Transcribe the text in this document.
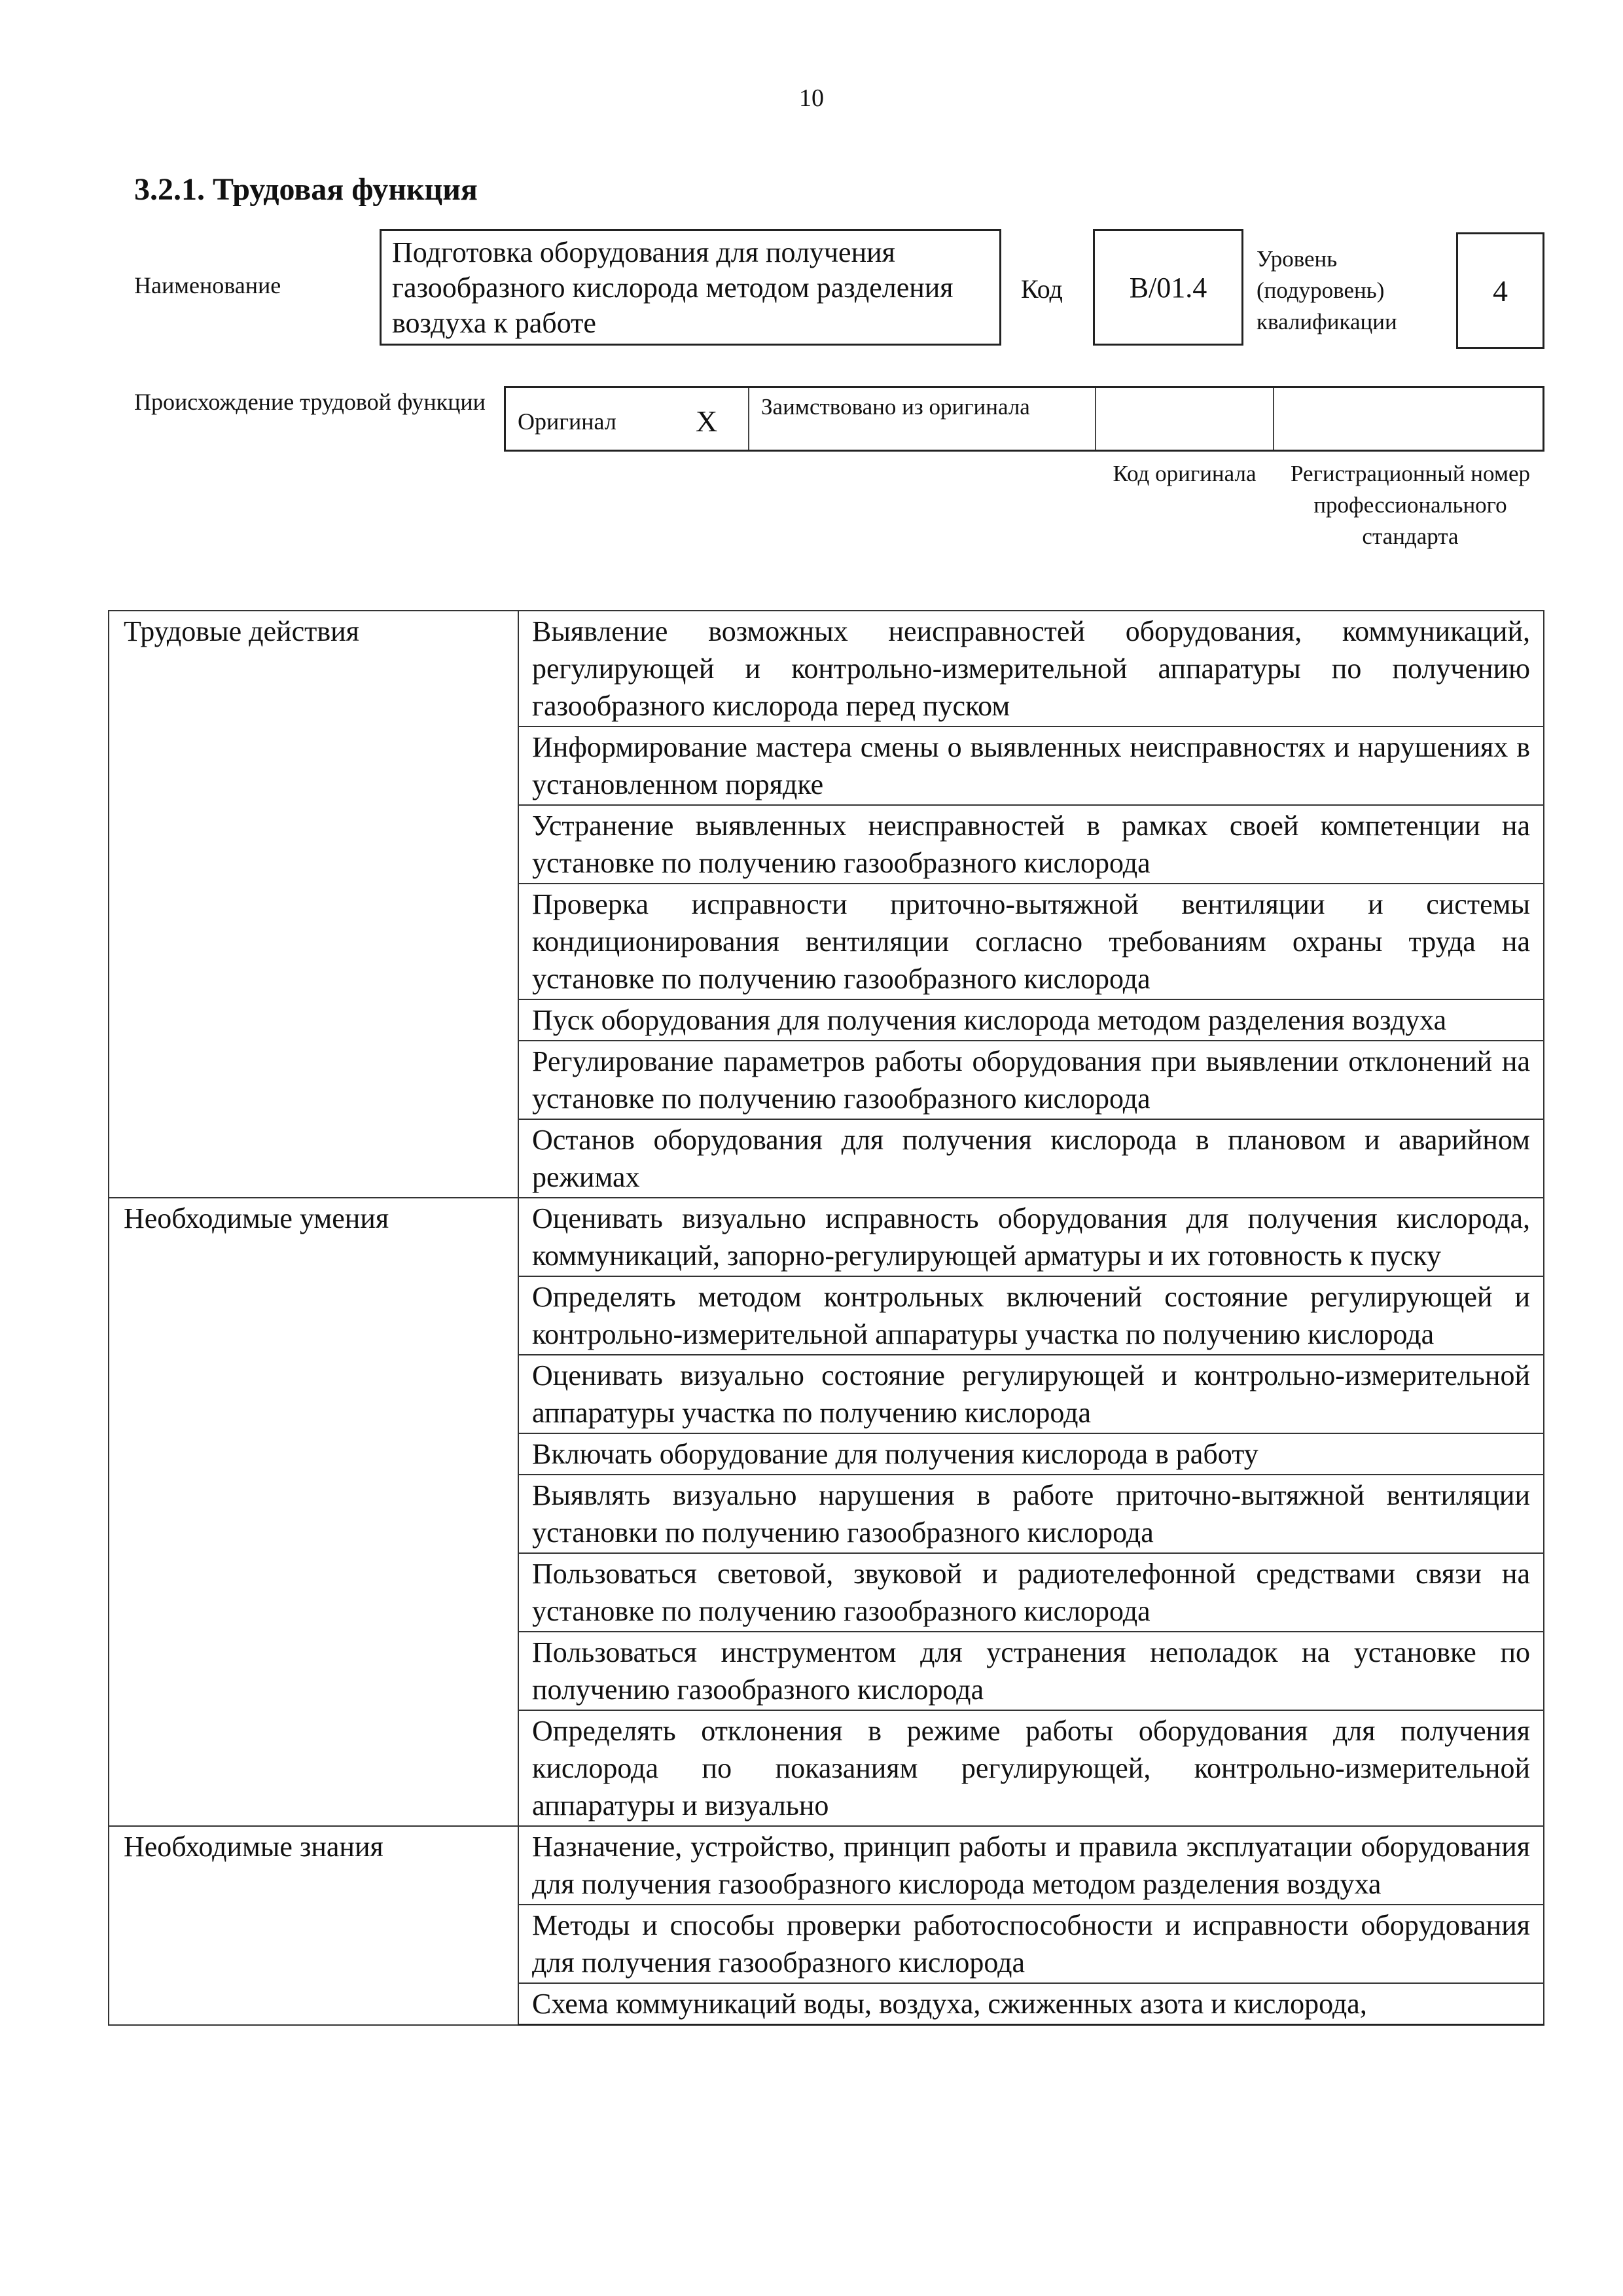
10
3.2.1. Трудовая функция
Наименование
Подготовка оборудования для получения газообразного кислорода методом разделения воздуха к работе
Код	B/01.4
Уровень (подуровень) квалификации
4
Происхождение трудовой функции
Оригинал	X	Заимствовано из оригинала
Код оригинала	Регистрационный номер профессионального стандарта
Трудовые действия	Выявление возможных неисправностей оборудования, коммуникаций, регулирующей и контрольно-измерительной аппаратуры по получению газообразного кислорода перед пуском
	Информирование мастера смены о выявленных неисправностях и нарушениях в установленном порядке
	Устранение выявленных неисправностей в рамках своей компетенции на установке по получению газообразного кислорода
	Проверка исправности приточно-вытяжной вентиляции и системы кондиционирования вентиляции согласно требованиям охраны труда на установке по получению газообразного кислорода
	Пуск оборудования для получения кислорода методом разделения воздуха
	Регулирование параметров работы оборудования при выявлении отклонений на установке по получению газообразного кислорода
	Останов оборудования для получения кислорода в плановом и аварийном режимах
Необходимые умения	Оценивать визуально исправность оборудования для получения кислорода, коммуникаций, запорно-регулирующей арматуры и их готовность к пуску
	Определять методом контрольных включений состояние регулирующей и контрольно-измерительной аппаратуры участка по получению кислорода
	Оценивать визуально состояние регулирующей и контрольно-измерительной аппаратуры участка по получению кислорода
	Включать оборудование для получения кислорода в работу
	Выявлять визуально нарушения в работе приточно-вытяжной вентиляции установки по получению газообразного кислорода
	Пользоваться световой, звуковой и радиотелефонной средствами связи на установке по получению газообразного кислорода
	Пользоваться инструментом для устранения неполадок на установке по получению газообразного кислорода
	Определять отклонения в режиме работы оборудования для получения кислорода по показаниям регулирующей, контрольно-измерительной аппаратуры и визуально
Необходимые знания	Назначение, устройство, принцип работы и правила эксплуатации оборудования для получения газообразного кислорода методом разделения воздуха
	Методы и способы проверки работоспособности и исправности оборудования для получения газообразного кислорода
	Схема коммуникаций воды, воздуха, сжиженных азота и кислорода,
